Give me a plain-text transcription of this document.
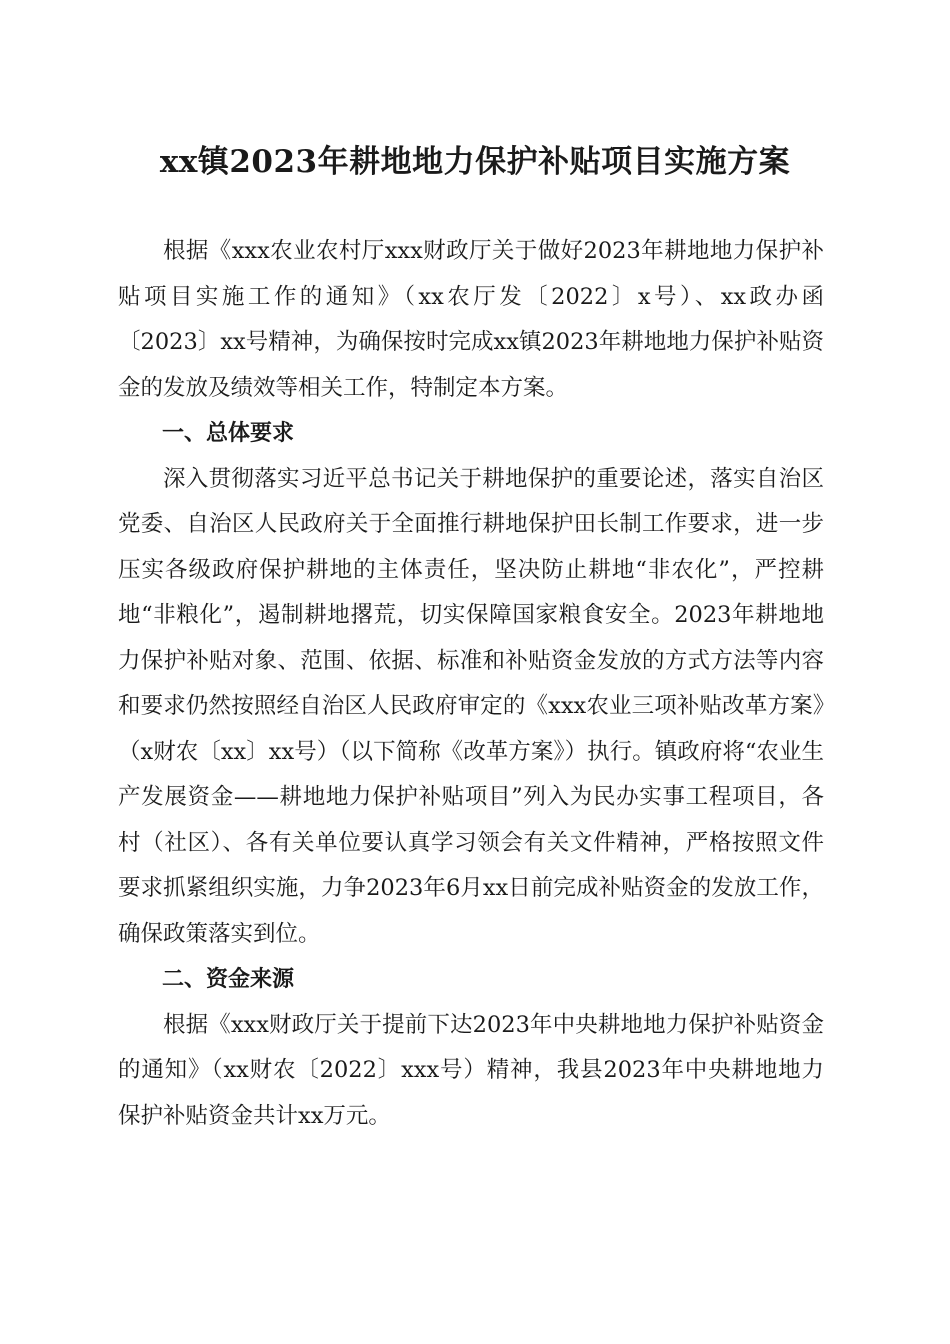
xx镇2023年耕地地力保护补贴项目实施方案

根据《xxx农业农村厅xxx财政厅关于做好2023年耕地地力保护补贴项目实施工作的通知》（xx农厅发〔2022〕x号）、xx政办函〔2023〕xx号精神，为确保按时完成xx镇2023年耕地地力保护补贴资金的发放及绩效等相关工作，特制定本方案。

一、总体要求

深入贯彻落实习近平总书记关于耕地保护的重要论述，落实自治区党委、自治区人民政府关于全面推行耕地保护田长制工作要求，进一步压实各级政府保护耕地的主体责任，坚决防止耕地“非农化”，严控耕地“非粮化”，遏制耕地撂荒，切实保障国家粮食安全。2023年耕地地力保护补贴对象、范围、依据、标准和补贴资金发放的方式方法等内容和要求仍然按照经自治区人民政府审定的《xxx农业三项补贴改革方案》（x财农〔xx〕xx号）（以下简称《改革方案》）执行。镇政府将“农业生产发展资金——耕地地力保护补贴项目”列入为民办实事工程项目，各村（社区）、各有关单位要认真学习领会有关文件精神，严格按照文件要求抓紧组织实施，力争2023年6月xx日前完成补贴资金的发放工作，确保政策落实到位。

二、资金来源

根据《xxx财政厅关于提前下达2023年中央耕地地力保护补贴资金的通知》（xx财农〔2022〕xxx号）精神，我县2023年中央耕地地力保护补贴资金共计xx万元。
